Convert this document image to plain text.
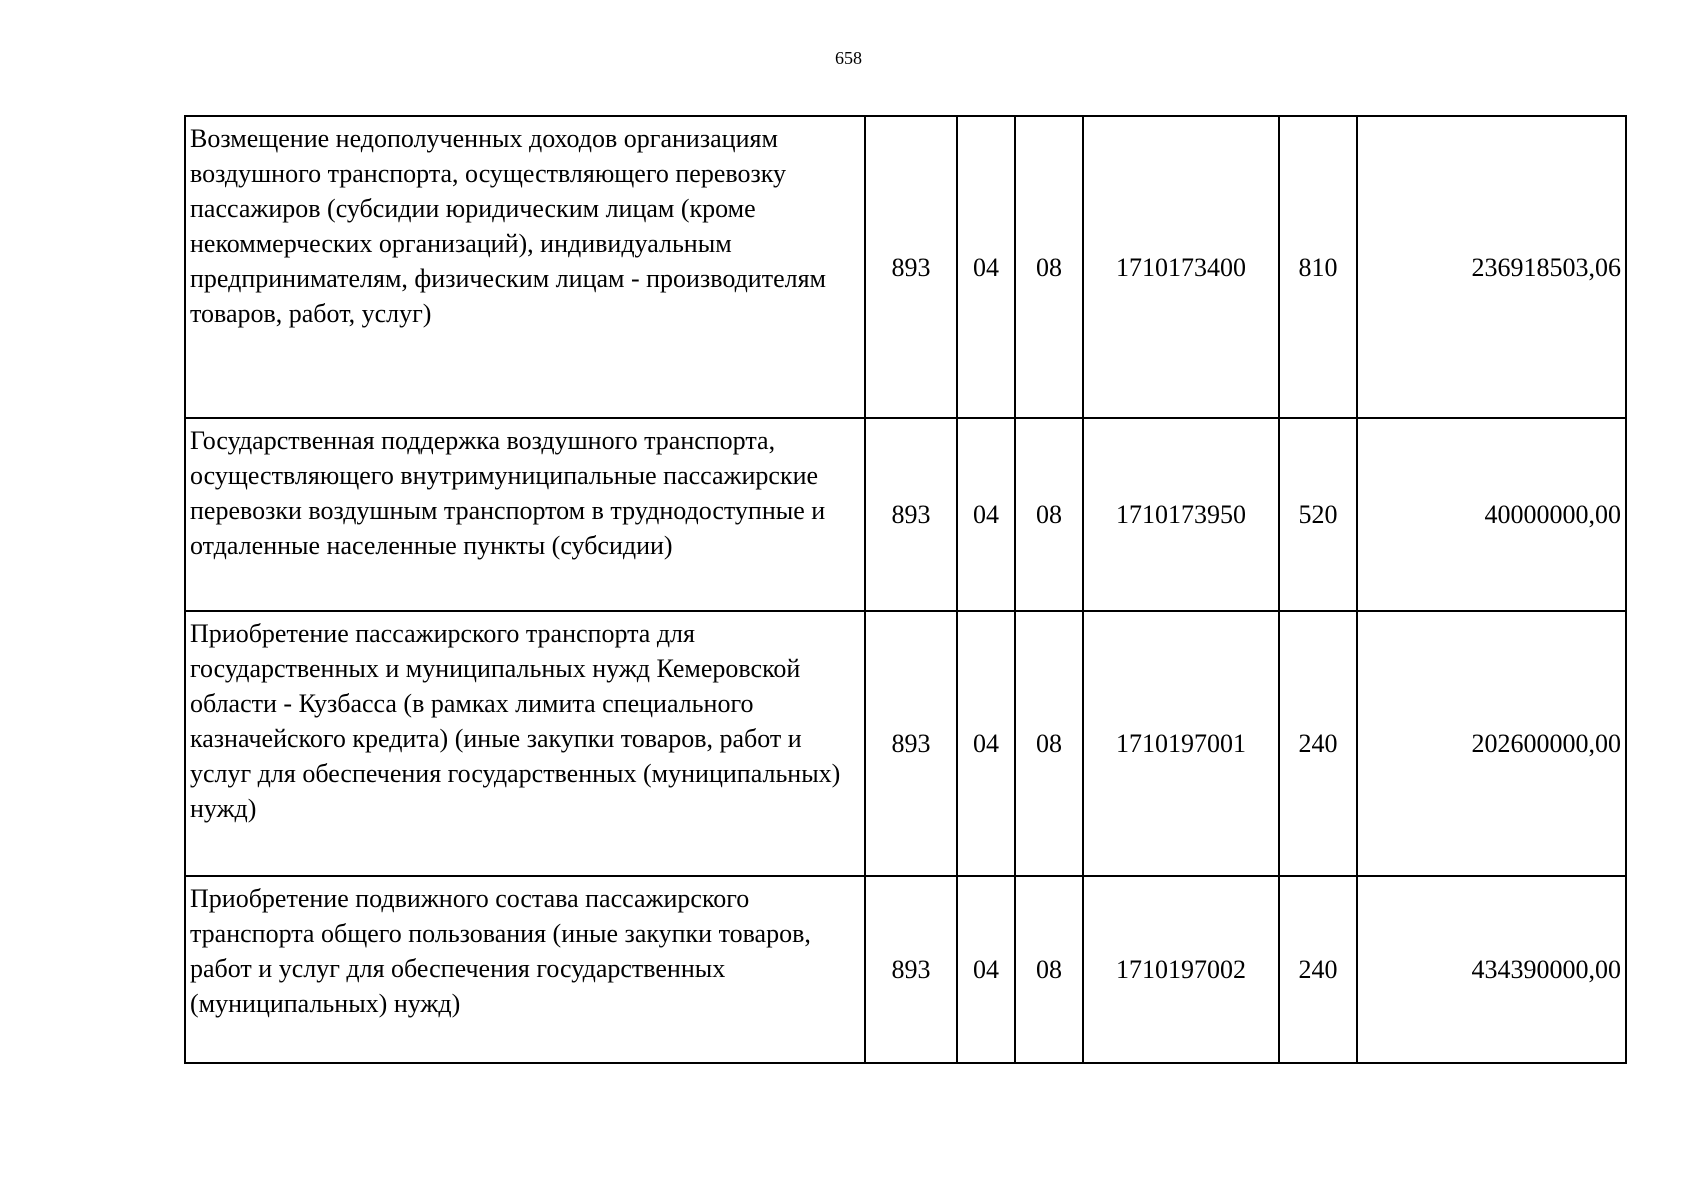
658
Возмещение недополученных доходов организациям воздушного транспорта, осуществляющего перевозку пассажиров (субсидии юридическим лицам (кроме некоммерческих организаций), индивидуальным предпринимателям, физическим лицам - производителям товаров, работ, услуг)	893	04	08	1710173400	810	236918503,06
Государственная поддержка воздушного транспорта, осуществляющего внутримуниципальные пассажирские перевозки воздушным транспортом в труднодоступные и отдаленные населенные пункты (субсидии)	893	04	08	1710173950	520	40000000,00
Приобретение пассажирского транспорта для государственных и муниципальных нужд Кемеровской области - Кузбасса (в рамках лимита специального казначейского кредита) (иные закупки товаров, работ и услуг для обеспечения государственных (муниципальных) нужд)	893	04	08	1710197001	240	202600000,00
Приобретение подвижного состава пассажирского транспорта общего пользования (иные закупки товаров, работ и услуг для обеспечения государственных (муниципальных) нужд)	893	04	08	1710197002	240	434390000,00
